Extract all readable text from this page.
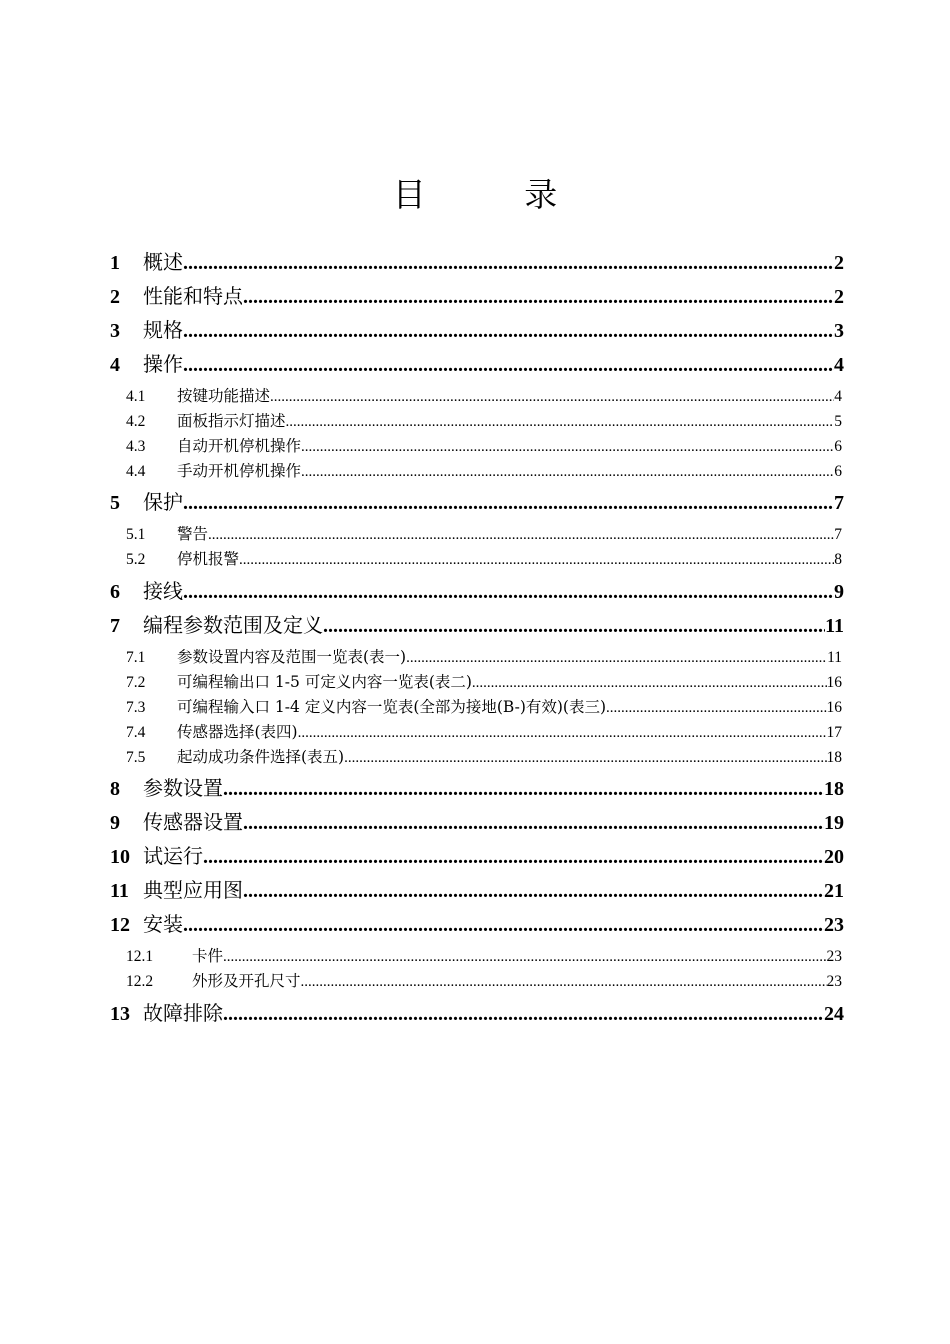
目 录
1	概述 .....	2
2	性能和特点 .....	2
3	规格 .....	3
4	操作 .....	4
4.1	按键功能描述 .....	4
4.2	面板指示灯描述 .....	5
4.3	自动开机停机操作 .....	6
4.4	手动开机停机操作 .....	6
5	保护 .....	7
5.1	警告 .....	7
5.2	停机报警 .....	8
6	接线 .....	9
7	编程参数范围及定义 .....	11
7.1	参数设置内容及范围一览表(表一) .....	11
7.2	可编程输出口 1-5 可定义内容一览表(表二) .....	16
7.3	可编程输入口 1-4 定义内容一览表(全部为接地(B-)有效)(表三) .....	16
7.4	传感器选择(表四) .....	17
7.5	起动成功条件选择(表五) .....	18
8	参数设置 .....	18
9	传感器设置 .....	19
10 试运行 .....	20
11 典型应用图 .....	21
12 安装 .....	23
12.1	卡件 .....	23
12.2	外形及开孔尺寸 .....	23
13 故障排除 .....	24
